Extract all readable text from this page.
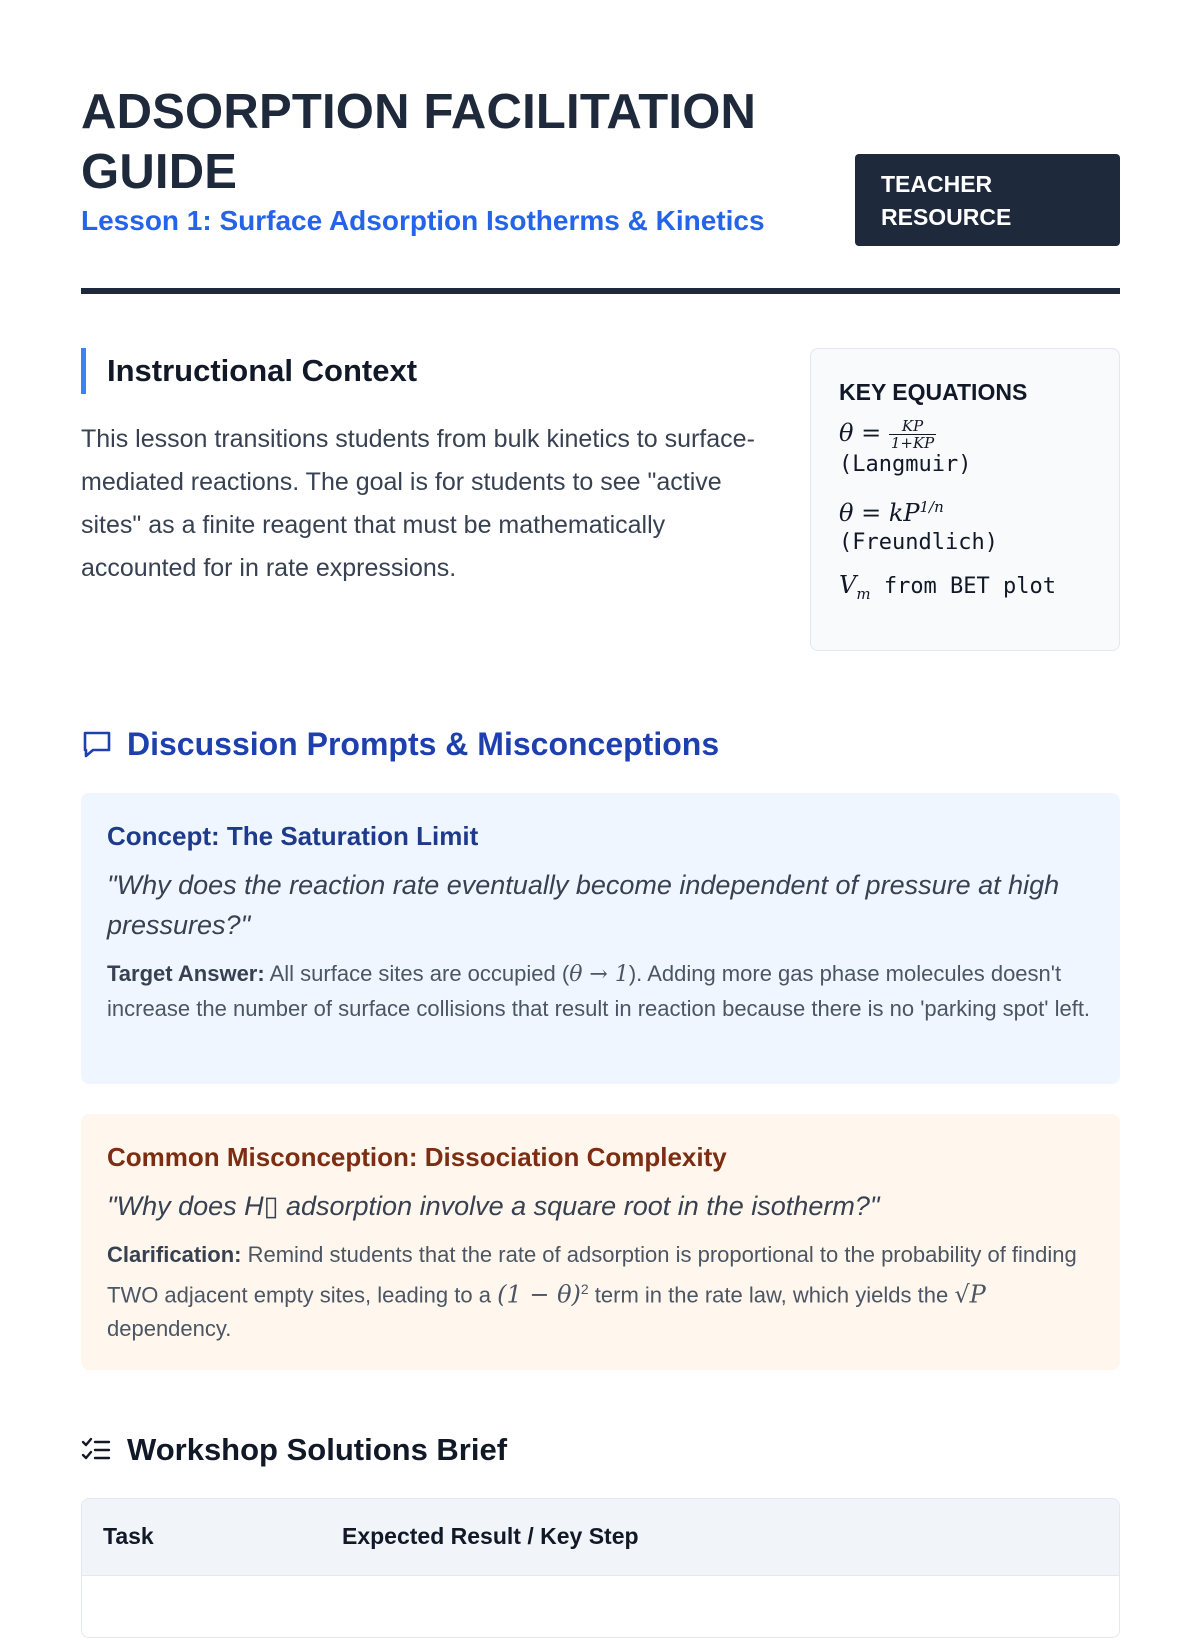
ADSORPTION FACILITATION GUIDE

Lesson 1: Surface Adsorption Isotherms & Kinetics

TEACHER RESOURCE
Instructional Context

This lesson transitions students from bulk kinetics to surface-mediated reactions. The goal is for students to see "active sites" as a finite reagent that must be mathematically accounted for in rate expressions.

KEY EQUATIONS

$\theta = \frac{KP}{1+KP}$

(Langmuir)

$\theta = kP^{1/n}$

(Freundlich)

$V_m$ from BET plot

Discussion Prompts & Misconceptions

Concept: The Saturation Limit

"Why does the reaction rate eventually become independent of pressure at high pressures?"

Target Answer: All surface sites are occupied (θ → 1). Adding more gas phase molecules doesn't increase the number of surface collisions that result in reaction because there is no 'parking spot' left.

Common Misconception: Dissociation Complexity

"Why does H▯ adsorption involve a square root in the isotherm?"

Clarification: Remind students that the rate of adsorption is proportional to the probability of finding TWO adjacent empty sites, leading to a $(1 - \theta)^2$ term in the rate law, which yields the √P dependency.

Workshop Solutions Brief

Task	Expected Result / Key Step
